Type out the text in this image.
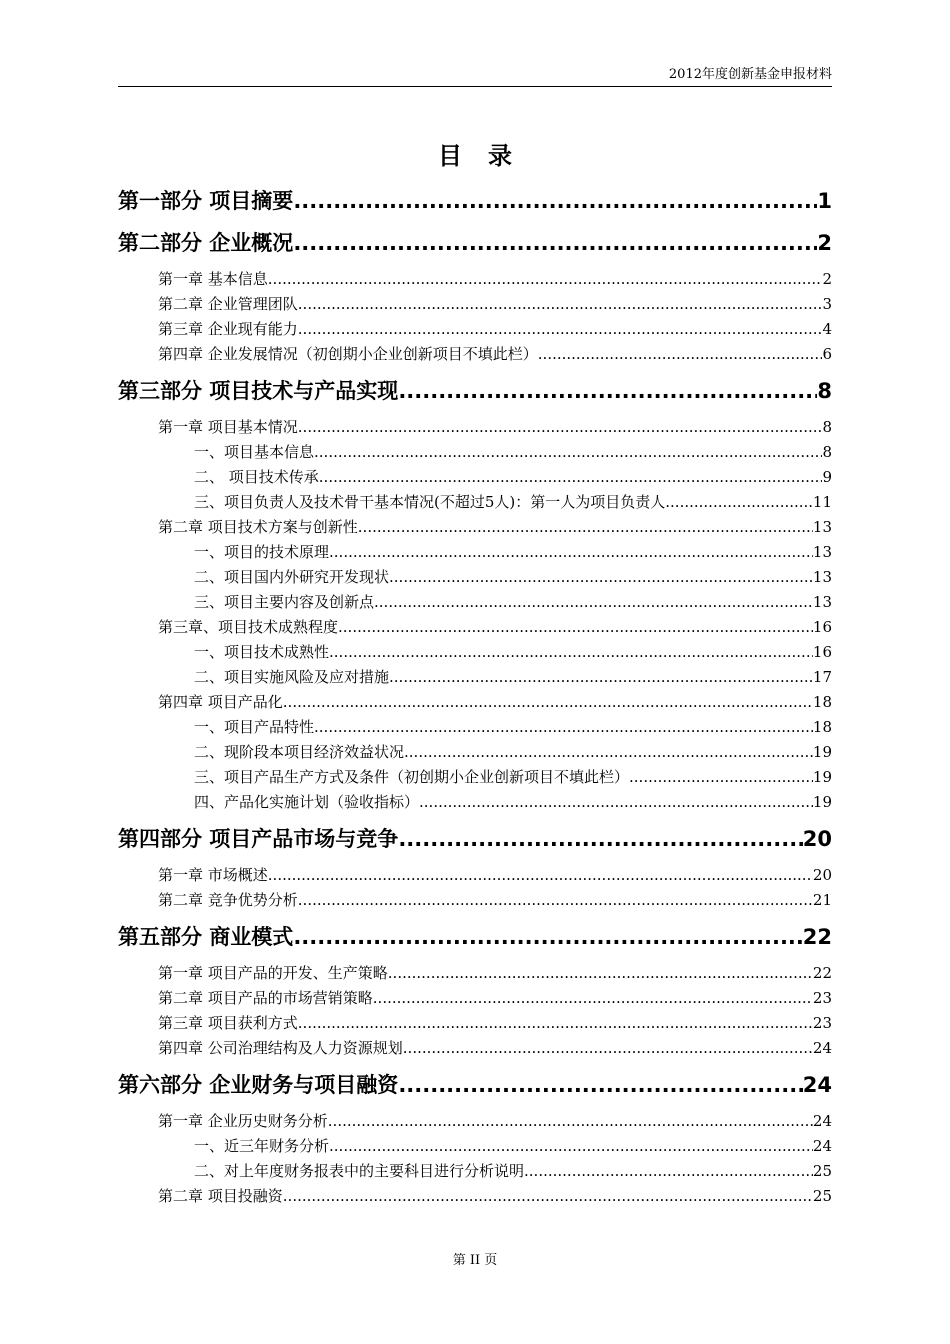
2012年度创新基金申报材料
目录
第一部分 项目摘要 .....	1
第二部分 企业概况 .....	2
第一章 基本信息 .....	2
第二章 企业管理团队 .....	3
第三章 企业现有能力 .....	4
第四章 企业发展情况（初创期小企业创新项目不填此栏） .....	6
第三部分 项目技术与产品实现 .....	8
第一章 项目基本情况 .....	8
一、项目基本信息 .....	8
二、 项目技术传承 .....	9
三、项目负责人及技术骨干基本情况(不超过5人)：第一人为项目负责人 .....	11
第二章 项目技术方案与创新性 .....	13
一、项目的技术原理 .....	13
二、项目国内外研究开发现状 .....	13
三、项目主要内容及创新点 .....	13
第三章、项目技术成熟程度 .....	16
一、项目技术成熟性 .....	16
二、项目实施风险及应对措施 .....	17
第四章 项目产品化 .....	18
一、项目产品特性 .....	18
二、现阶段本项目经济效益状况 .....	19
三、项目产品生产方式及条件（初创期小企业创新项目不填此栏） .....	19
四、产品化实施计划（验收指标） .....	19
第四部分 项目产品市场与竞争 .....	20
第一章 市场概述 .....	20
第二章 竞争优势分析 .....	21
第五部分 商业模式 .....	22
第一章 项目产品的开发、生产策略 .....	22
第二章 项目产品的市场营销策略 .....	23
第三章 项目获利方式. .....	23
第四章 公司治理结构及人力资源规划 .....	24
第六部分 企业财务与项目融资 .....	24
第一章 企业历史财务分析 .....	24
一、近三年财务分析 .....	24
二、对上年度财务报表中的主要科目进行分析说明 .....	25
第二章 项目投融资 .....	25
第 II 页
